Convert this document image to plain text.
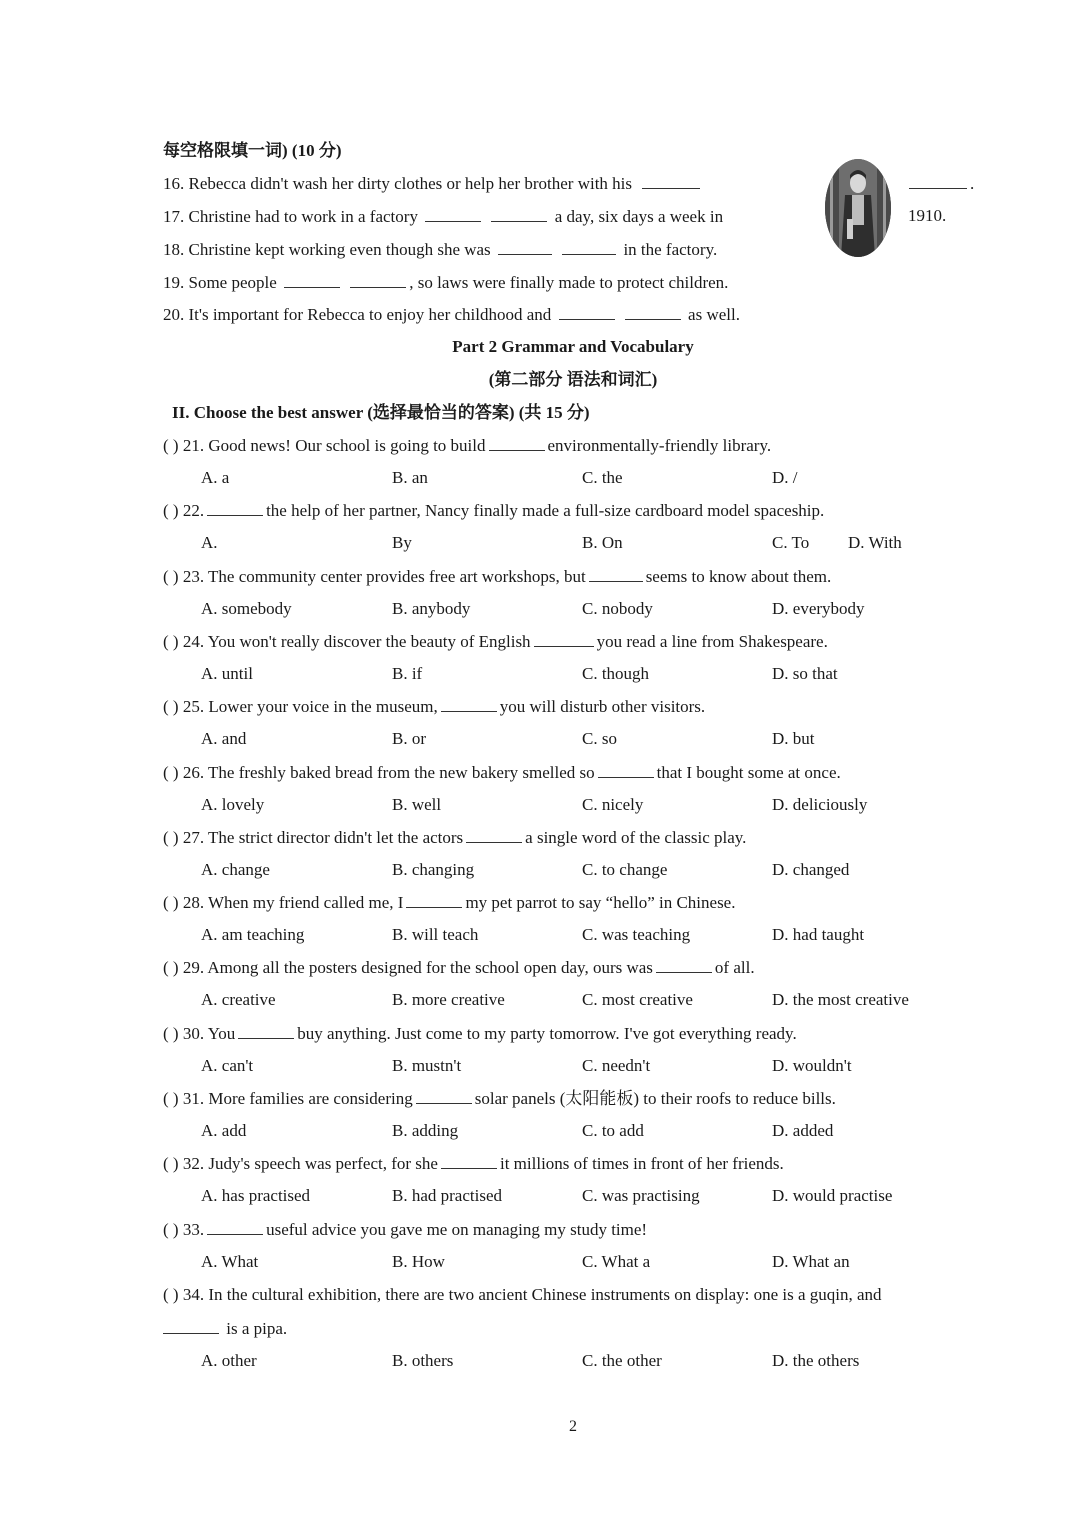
每空格限填一词) (10 分)
16. Rebecca didn't wash her dirty clothes or help her brother with his	.
17. Christine had to work in a factory	a day, six days a week in	1910.
18. Christine kept working even though she was	in the factory.
19. Some people	, so laws were finally made to protect children.
20. It's important for Rebecca to enjoy her childhood and	as well.
Part 2 Grammar and Vocabulary
(第二部分 语法和词汇)
II. Choose the best answer (选择最恰当的答案) (共 15 分)
( ) 21. Good news! Our school is going to build	environmentally-friendly library.
A. a	B. an	C. the	D. /
( ) 22.	the help of her partner, Nancy finally made a full-size cardboard model spaceship.
A.	By	B. On	C. To D. With
( ) 23. The community center provides free art workshops, but	seems to know about them.
A. somebody	B. anybody	C. nobody	D. everybody
( ) 24. You won't really discover the beauty of English	you read a line from Shakespeare.
A. until	B. if	C. though	D. so that
( ) 25. Lower your voice in the museum,	you will disturb other visitors.
A. and	B. or	C. so	D. but
( ) 26. The freshly baked bread from the new bakery smelled so	that I bought some at once.
A. lovely	B. well	C. nicely	D. deliciously
( ) 27. The strict director didn't let the actors	a single word of the classic play.
A. change	B. changing	C. to change	D. changed
( ) 28. When my friend called me, I	my pet parrot to say “hello” in Chinese.
A. am teaching	B. will teach	C. was teaching	D. had taught
( ) 29. Among all the posters designed for the school open day, ours was	of all.
A. creative	B. more creative	C. most creative	D. the most creative
( ) 30. You	buy anything. Just come to my party tomorrow. I've got everything ready.
A. can't	B. mustn't	C. needn't	D. wouldn't
( ) 31. More families are considering	solar panels (太阳能板) to their roofs to reduce bills.
A. add	B. adding	C. to add	D. added
( ) 32. Judy's speech was perfect, for she	it millions of times in front of her friends.
A. has practised	B. had practised	C. was practising	D. would practise
( ) 33.	useful advice you gave me on managing my study time!
A. What	B. How	C. What a	D. What an
( ) 34. In the cultural exhibition, there are two ancient Chinese instruments on display: one is a guqin, and
is a pipa.
A. other	B. others	C. the other	D. the others
2
